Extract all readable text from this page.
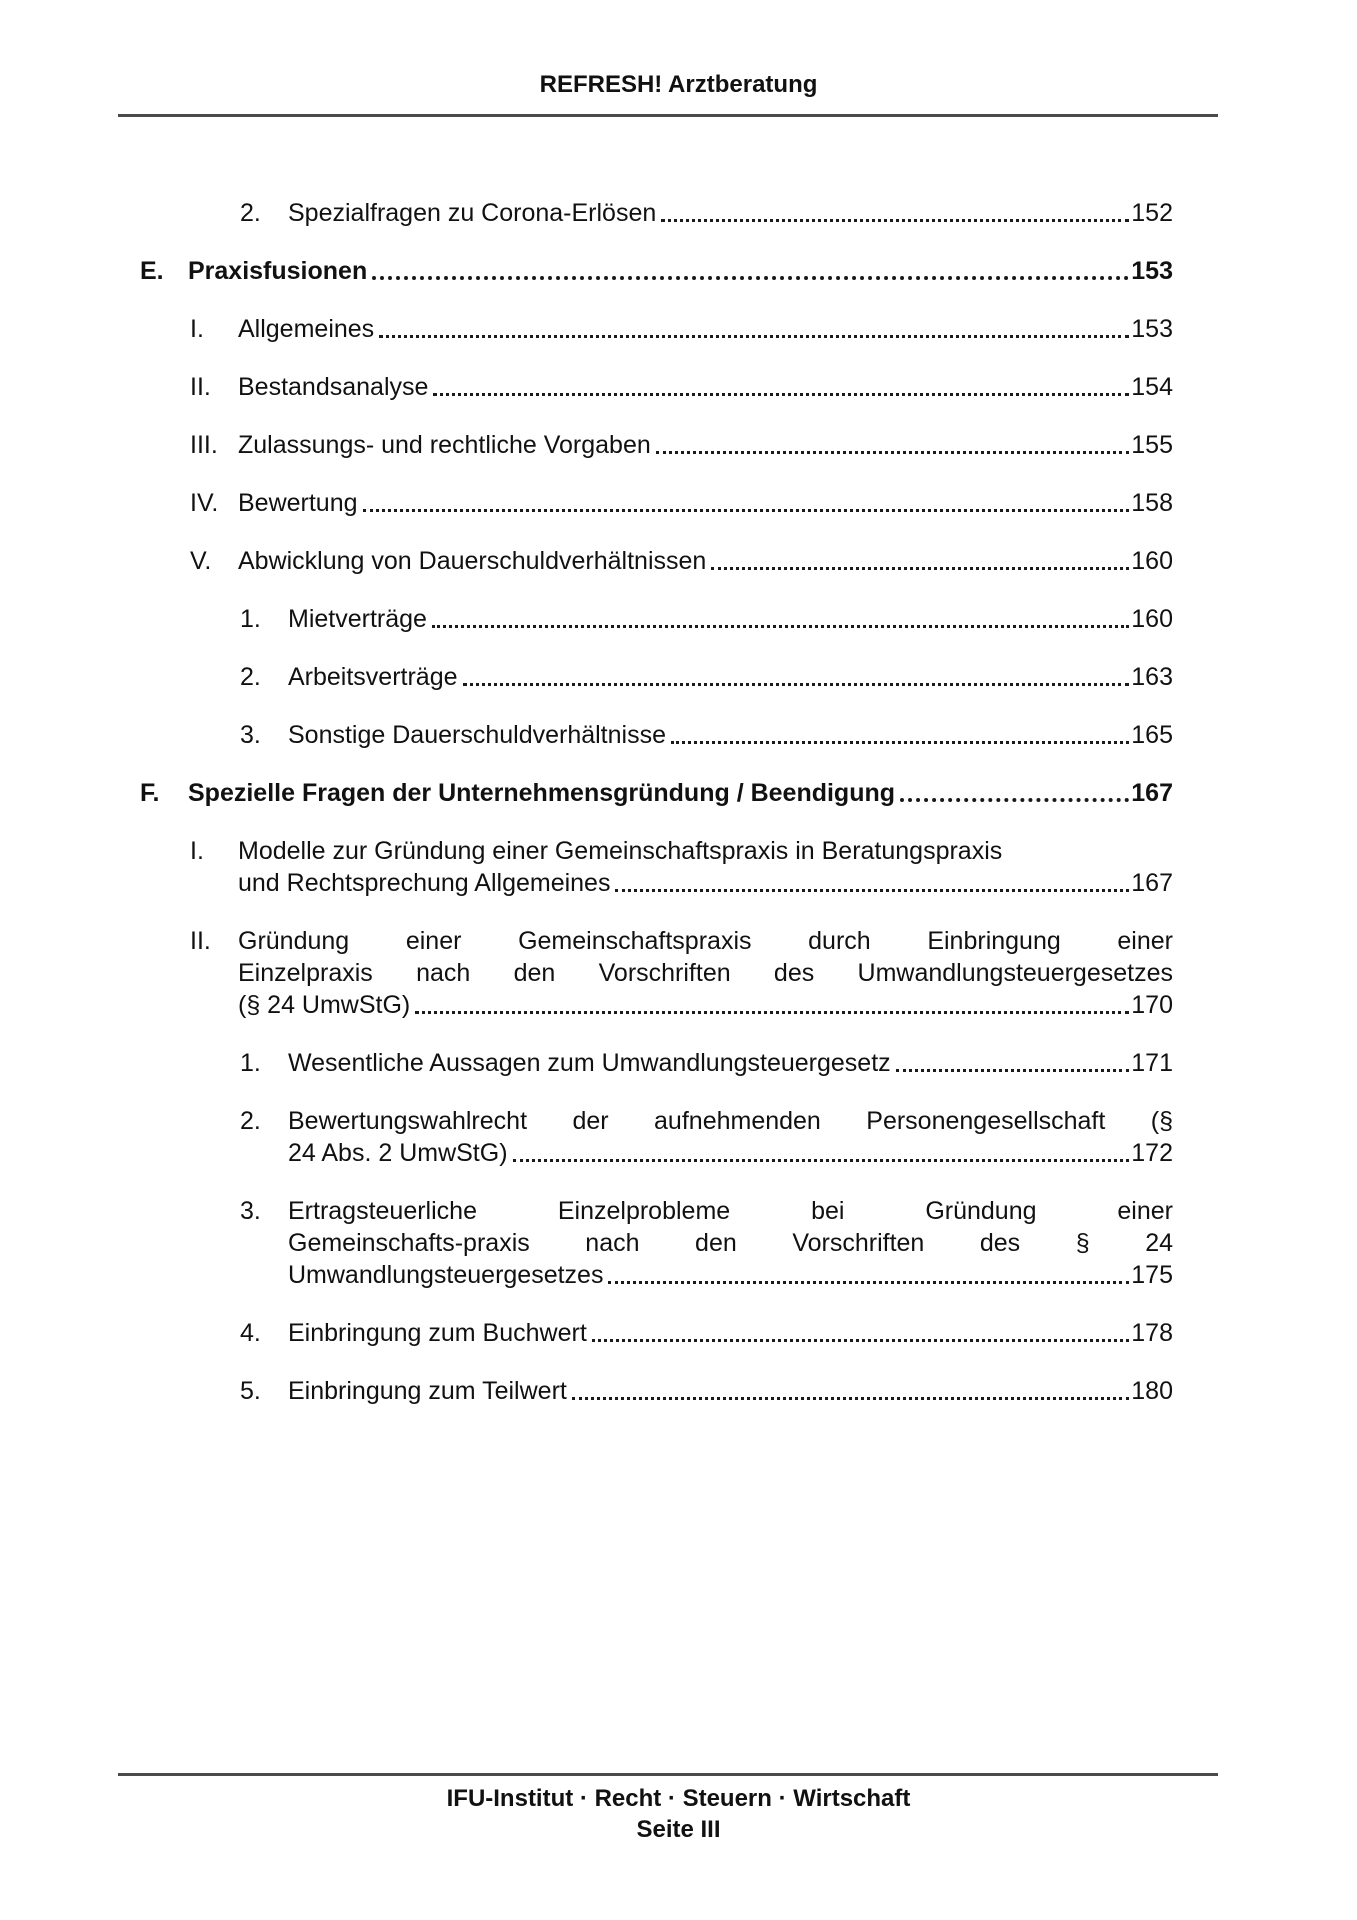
REFRESH! Arztberatung
2.	Spezialfragen zu Corona-Erlösen	152
E. Praxisfusionen	153
I.	Allgemeines	153
II.	Bestandsanalyse	154
III. Zulassungs- und rechtliche Vorgaben	155
IV. Bewertung	158
V.	Abwicklung von Dauerschuldverhältnissen	160
1.	Mietverträge	160
2.	Arbeitsverträge	163
3.	Sonstige Dauerschuldverhältnisse	165
F.	Spezielle Fragen der Unternehmensgründung / Beendigung	167
I.	Modelle zur Gründung einer Gemeinschaftspraxis in Beratungspraxis
und Rechtsprechung Allgemeines	167
II.	Gründung einer Gemeinschaftspraxis durch Einbringung einer
Einzelpraxis nach den Vorschriften des Umwandlungsteuergesetzes
(§ 24 UmwStG)	170
1.	Wesentliche Aussagen zum Umwandlungsteuergesetz	171
2.	Bewertungswahlrecht der aufnehmenden Personengesellschaft (§
24 Abs. 2 UmwStG)	172
3.	Ertragsteuerliche Einzelprobleme bei Gründung einer
Gemeinschafts-praxis nach den Vorschriften des § 24
Umwandlungsteuergesetzes	175
4.	Einbringung zum Buchwert	178
5.	Einbringung zum Teilwert	180
IFU-Institut · Recht · Steuern · Wirtschaft
Seite III
